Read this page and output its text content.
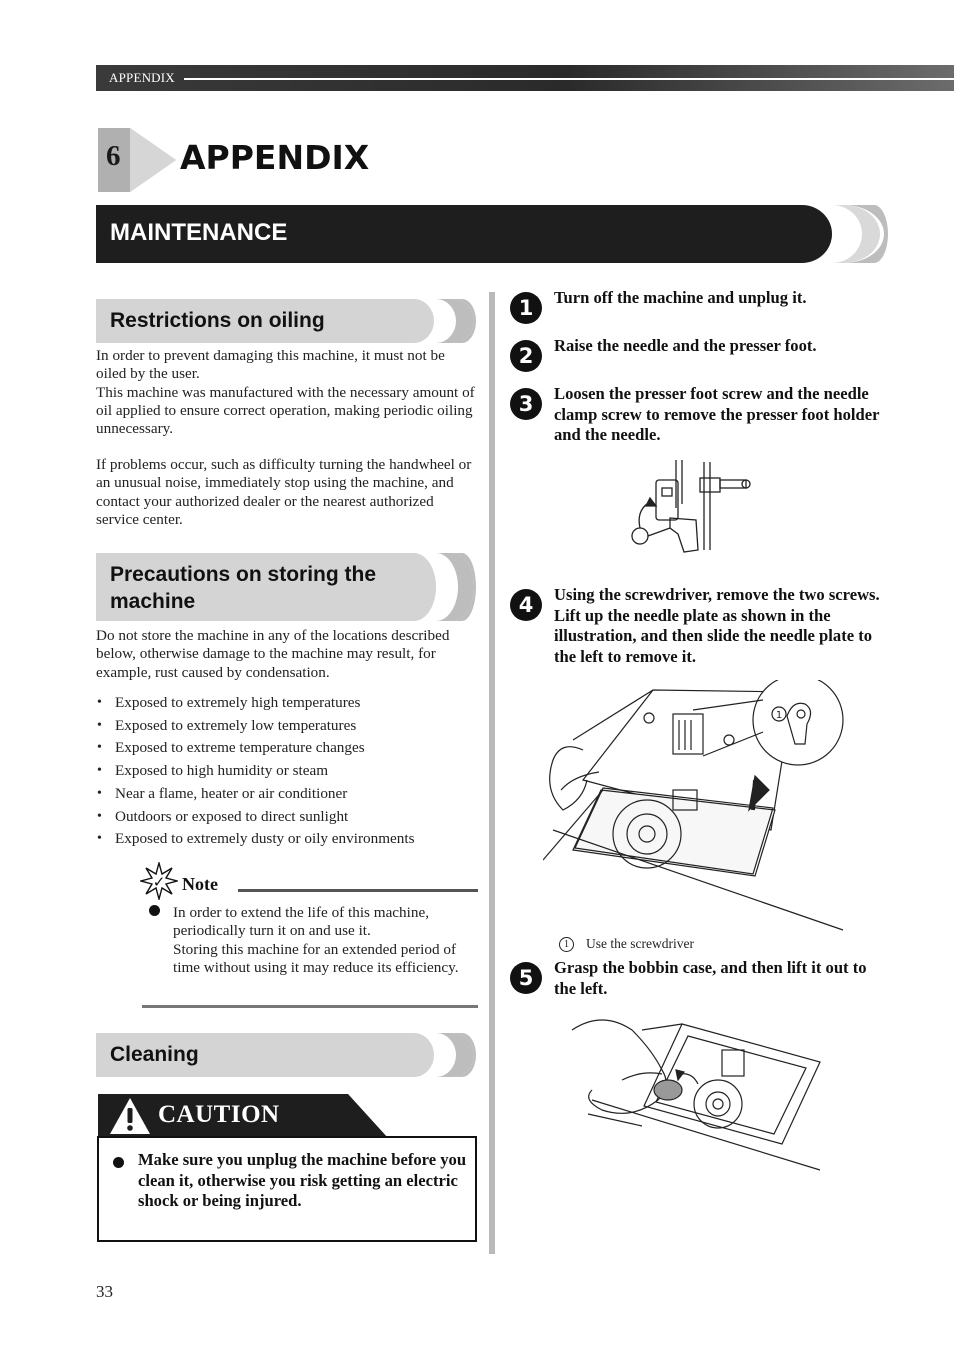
APPENDIX
6 APPENDIX
MAINTENANCE
Restrictions on oiling
In order to prevent damaging this machine, it must not be oiled by the user.
This machine was manufactured with the necessary amount of oil applied to ensure correct operation, making periodic oiling unnecessary.
If problems occur, such as difficulty turning the handwheel or an unusual noise, immediately stop using the machine, and contact your authorized dealer or the nearest authorized service center.
Precautions on storing the machine
Do not store the machine in any of the locations described below, otherwise damage to the machine may result, for example, rust caused by condensation.
• Exposed to extremely high temperatures
• Exposed to extremely low temperatures
• Exposed to extreme temperature changes
• Exposed to high humidity or steam
• Near a flame, heater or air conditioner
• Outdoors or exposed to direct sunlight
• Exposed to extremely dusty or oily environments
✓ Note
In order to extend the life of this machine, periodically turn it on and use it.
Storing this machine for an extended period of time without using it may reduce its efficiency.
Cleaning
CAUTION
Make sure you unplug the machine before you clean it, otherwise you risk getting an electric shock or being injured.
1	Turn off the machine and unplug it.
2	Raise the needle and the presser foot.
3	Loosen the presser foot screw and the needle clamp screw to remove the presser foot holder and the needle.
4	Using the screwdriver, remove the two screws. Lift up the needle plate as shown in the illustration, and then slide the needle plate to the left to remove it.
1
1 Use the screwdriver
5	Grasp the bobbin case, and then lift it out to the left.
33
